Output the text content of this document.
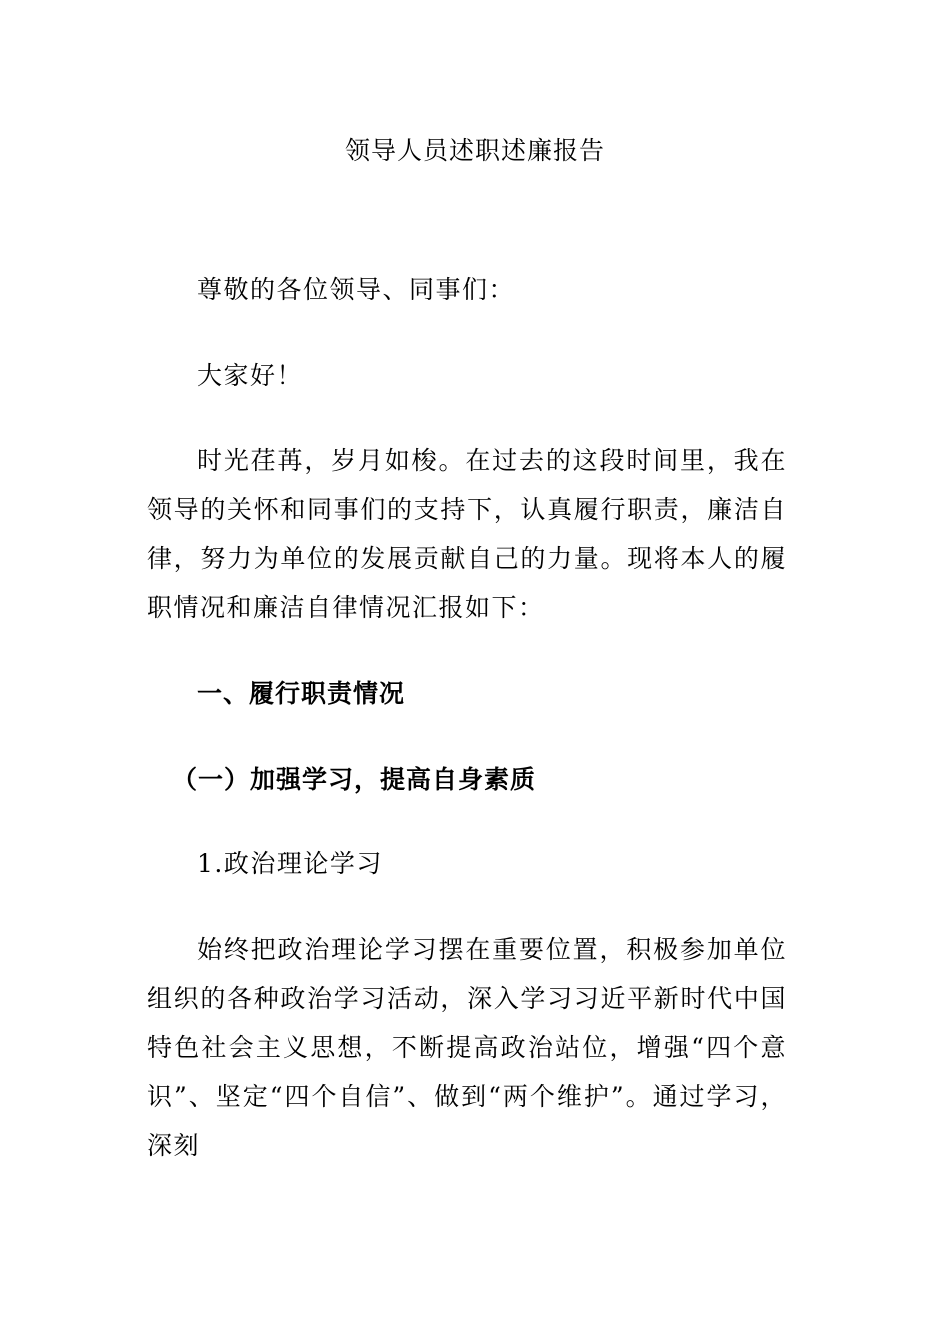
领导人员述职述廉报告
尊敬的各位领导、同事们：
大家好！

时光荏苒，岁月如梭。在过去的这段时间里，我在领导的关怀和同事们的支持下，认真履行职责，廉洁自律，努力为单位的发展贡献自己的力量。现将本人的履职情况和廉洁自律情况汇报如下：

一、履行职责情况
（一）加强学习，提高自身素质
1.政治理论学习

始终把政治理论学习摆在重要位置，积极参加单位组织的各种政治学习活动，深入学习习近平新时代中国特色社会主义思想，不断提高政治站位，增强“四个意识”、坚定“四个自信”、做到“两个维护”。通过学习，深刻
